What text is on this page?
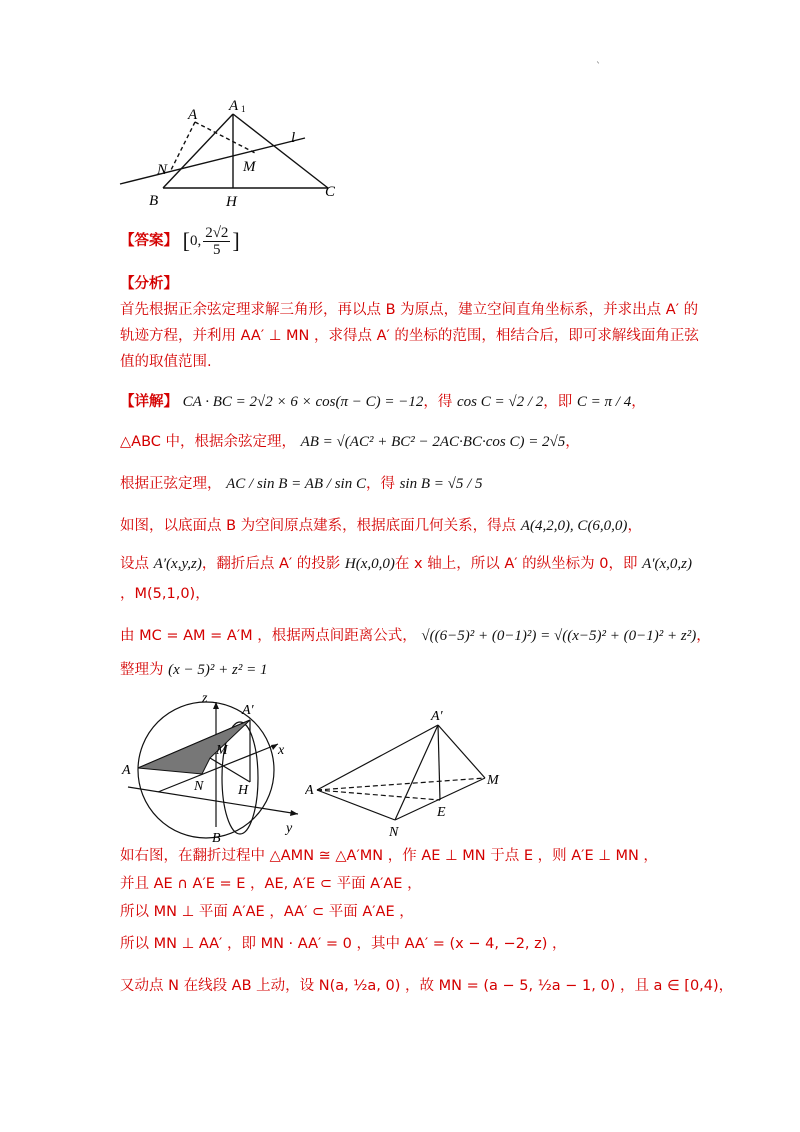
`
A
A 1
l
N	M
B	H
C
【答案】 [0, $\frac{2√2}{5}$ ]
【分析】
首先根据正余弦定理求解三角形，再以点 B 为原点，建立空间直角坐标系，并求出点 A′ 的
轨迹方程，并利用 AA′ ⊥ MN ，求得点 A′ 的坐标的范围，相结合后，即可求解线面角正弦
值的取值范围.
【详解】 CA · BC = 2√2 × 6 × cos(π − C) = −12，得 cos C = √2 / 2，即 C = π / 4，
△ABC 中，根据余弦定理， AB = √(AC² + BC² − 2AC·BC·cos C) = 2√5，
根据正弦定理， AC / sin B = AB / sin C，得 sin B = √5 / 5
如图，以底面点 B 为空间原点建系，根据底面几何关系，得点 A(4,2,0), C(6,0,0)，
设点 A′(x,y,z)，翻折后点 A′ 的投影 H(x,0,0)在 x 轴上，所以 A′ 的纵坐标为 0，即 A′(x,0,z)
，M(5,1,0)，
由 MC = AM = A′M ，根据两点间距离公式， √((6−5)² + (0−1)²) = √((x−5)² + (0−1)² + z²)，
整理为 (x − 5)² + z² = 1
z
A′
M	x
A
N H
B
y
A′
A
M
E
N
如右图，在翻折过程中 △AMN ≅ △A′MN ，作 AE ⊥ MN 于点 E ，则 A′E ⊥ MN ，
并且 AE ∩ A′E = E ，AE, A′E ⊂ 平面 A′AE ，
所以 MN ⊥ 平面 A′AE ，AA′ ⊂ 平面 A′AE ，
所以 MN ⊥ AA′ ，即 MN · AA′ = 0 ，其中 AA′ = (x − 4, −2, z) ，
又动点 N 在线段 AB 上动，设 N(a, ½a, 0) ，故 MN = (a − 5, ½a − 1, 0) ，且 a ∈ [0,4)，
